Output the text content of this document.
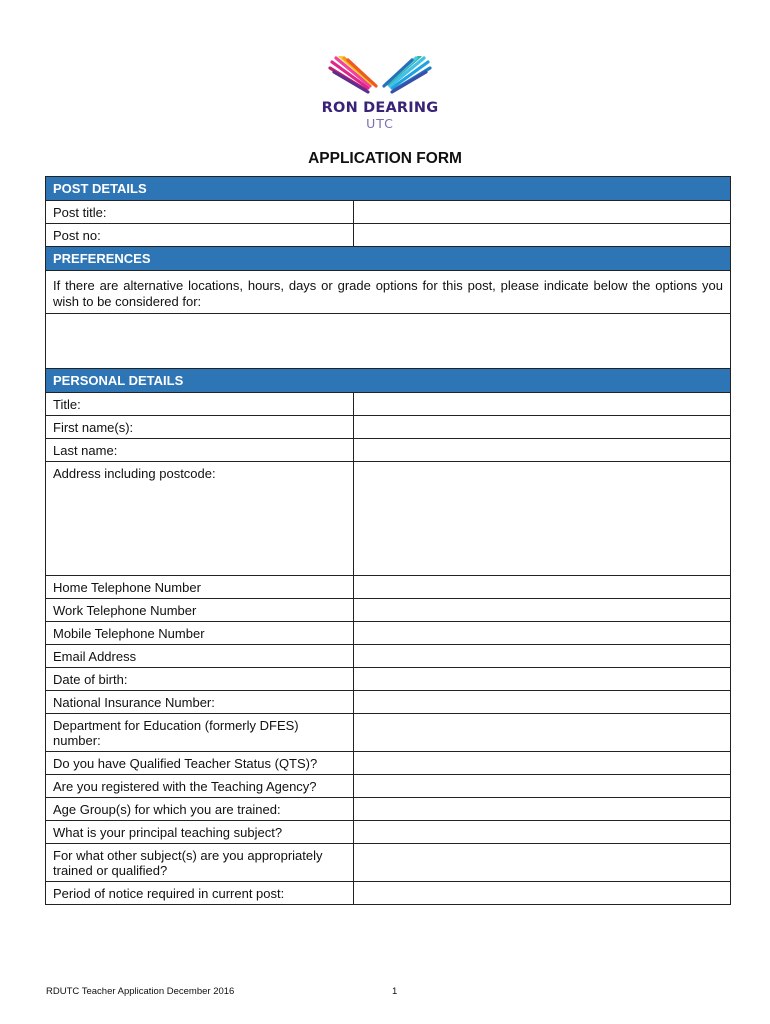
RON DEARING
UTC
APPLICATION FORM
POST DETAILS
Post title:
Post no:
PREFERENCES
If there are alternative locations, hours, days or grade options for this post, please indicate below the options you wish to be considered for:
PERSONAL DETAILS
Title:
First name(s):
Last name:
Address including postcode:
Home Telephone Number
Work Telephone Number
Mobile Telephone Number
Email Address
Date of birth:
National Insurance Number:
Department for Education (formerly DFES) number:
Do you have Qualified Teacher Status (QTS)?
Are you registered with the Teaching Agency?
Age Group(s) for which you are trained:
What is your principal teaching subject?
For what other subject(s) are you appropriately trained or qualified?
Period of notice required in current post:
RDUTC Teacher Application December 2016	1
